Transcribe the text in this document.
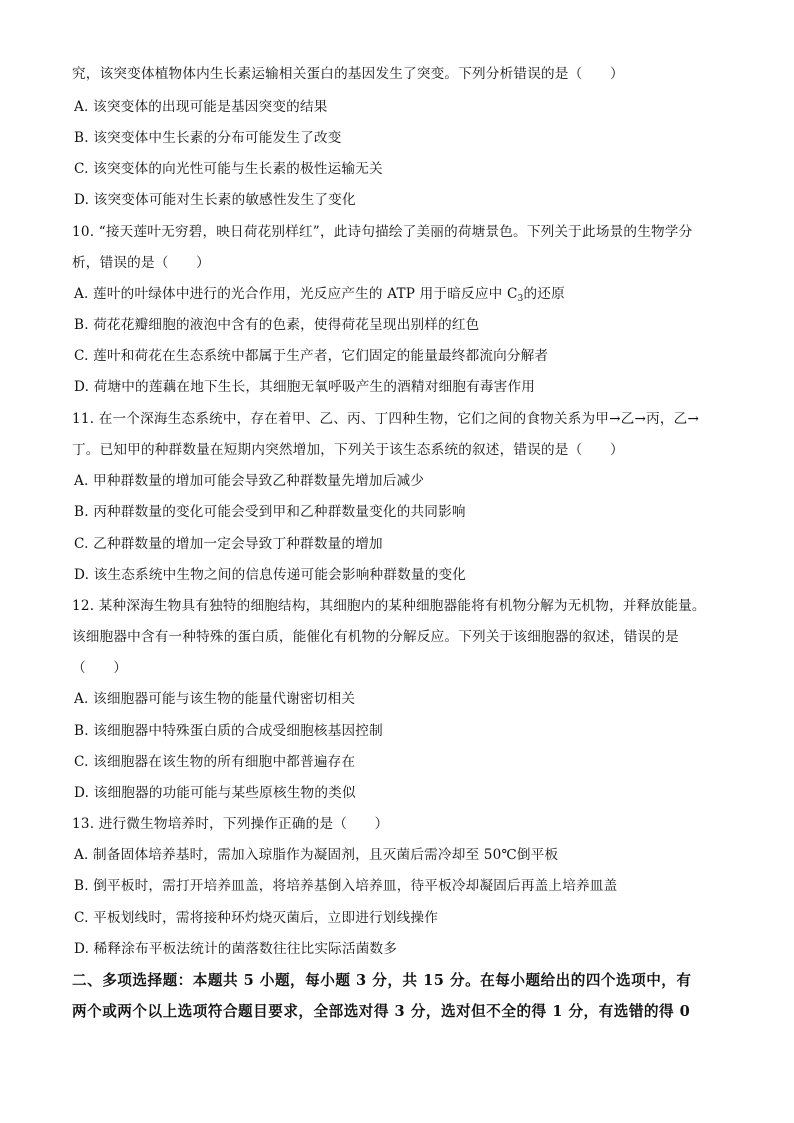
究，该突变体植物体内生长素运输相关蛋白的基因发生了突变。下列分析错误的是（　　）
A. 该突变体的出现可能是基因突变的结果
B. 该突变体中生长素的分布可能发生了改变
C. 该突变体的向光性可能与生长素的极性运输无关
D. 该突变体可能对生长素的敏感性发生了变化
10. “接天莲叶无穷碧，映日荷花别样红”，此诗句描绘了美丽的荷塘景色。下列关于此场景的生物学分
析，错误的是（　　）
A. 莲叶的叶绿体中进行的光合作用，光反应产生的 ATP 用于暗反应中 $C_3$的还原
B. 荷花花瓣细胞的液泡中含有的色素，使得荷花呈现出别样的红色
C. 莲叶和荷花在生态系统中都属于生产者，它们固定的能量最终都流向分解者
D. 荷塘中的莲藕在地下生长，其细胞无氧呼吸产生的酒精对细胞有毒害作用
11. 在一个深海生态系统中，存在着甲、乙、丙、丁四种生物，它们之间的食物关系为甲→乙→丙，乙→
丁。已知甲的种群数量在短期内突然增加，下列关于该生态系统的叙述，错误的是（　　）
A. 甲种群数量的增加可能会导致乙种群数量先增加后减少
B. 丙种群数量的变化可能会受到甲和乙种群数量变化的共同影响
C. 乙种群数量的增加一定会导致丁种群数量的增加
D. 该生态系统中生物之间的信息传递可能会影响种群数量的变化
12. 某种深海生物具有独特的细胞结构，其细胞内的某种细胞器能将有机物分解为无机物，并释放能量。
该细胞器中含有一种特殊的蛋白质，能催化有机物的分解反应。下列关于该细胞器的叙述，错误的是
（　　）
A. 该细胞器可能与该生物的能量代谢密切相关
B. 该细胞器中特殊蛋白质的合成受细胞核基因控制
C. 该细胞器在该生物的所有细胞中都普遍存在
D. 该细胞器的功能可能与某些原核生物的类似
13. 进行微生物培养时，下列操作正确的是（　　）
A. 制备固体培养基时，需加入琼脂作为凝固剂，且灭菌后需冷却至 50℃倒平板
B. 倒平板时，需打开培养皿盖，将培养基倒入培养皿，待平板冷却凝固后再盖上培养皿盖
C. 平板划线时，需将接种环灼烧灭菌后，立即进行划线操作
D. 稀释涂布平板法统计的菌落数往往比实际活菌数多
二、多项选择题：本题共 5 小题，每小题 3 分，共 15 分。在每小题给出的四个选项中，有
两个或两个以上选项符合题目要求，全部选对得 3 分，选对但不全的得 1 分，有选错的得 0
